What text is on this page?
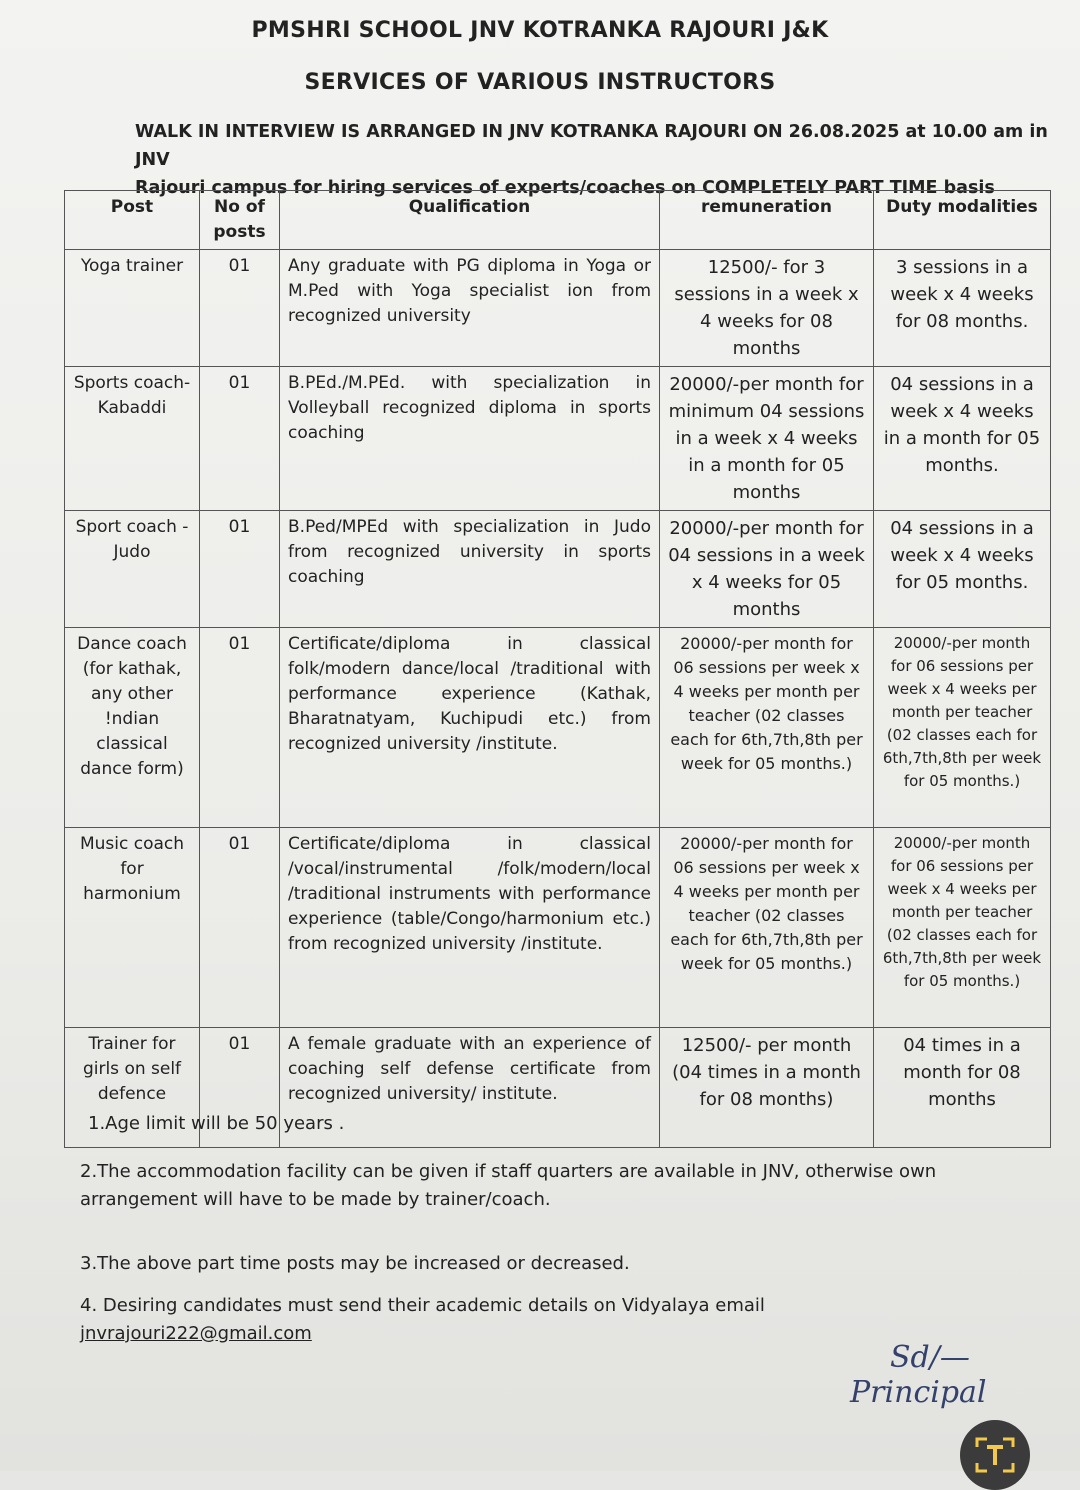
PMSHRI SCHOOL JNV KOTRANKA RAJOURI J&K
SERVICES OF VARIOUS INSTRUCTORS
WALK IN INTERVIEW IS ARRANGED IN JNV KOTRANKA RAJOURI ON 26.08.2025 at 10.00 am in JNV
Rajouri campus for hiring services of experts/coaches on COMPLETELY PART TIME basis
Post	No of posts	Qualification	remuneration	Duty modalities
Yoga trainer	01	Any graduate with PG diploma in Yoga or M.Ped with Yoga specialist ion from recognized university	12500/- for 3 sessions in a week x 4 weeks for 08 months	3 sessions in a week x 4 weeks for 08 months.
Sports coach- Kabaddi	01	B.PEd./M.PEd. with specialization in Volleyball recognized diploma in sports coaching	20000/-per month for minimum 04 sessions in a week x 4 weeks in a month for 05 months	04 sessions in a week x 4 weeks in a month for 05 months.
Sport coach - Judo	01	B.Ped/MPEd with specialization in Judo from recognized university in sports coaching	20000/-per month for 04 sessions in a week x 4 weeks for 05 months	04 sessions in a week x 4 weeks for 05 months.
Dance coach (for kathak, any other !ndian classical dance form)	01	Certificate/diploma in classical folk/modern dance/local /traditional with performance experience (Kathak, Bharatnatyam, Kuchipudi etc.) from recognized university /institute.	20000/-per month for 06 sessions per week x 4 weeks per month per teacher (02 classes each for 6th,7th,8th per week for 05 months.)	20000/-per month for 06 sessions per week x 4 weeks per month per teacher (02 classes each for 6th,7th,8th per week for 05 months.)
Music coach for harmonium	01	Certificate/diploma in classical /vocal/instrumental /folk/modern/local /traditional instruments with performance experience (table/Congo/harmonium etc.) from recognized university /institute.	20000/-per month for 06 sessions per week x 4 weeks per month per teacher (02 classes each for 6th,7th,8th per week for 05 months.)	20000/-per month for 06 sessions per week x 4 weeks per month per teacher (02 classes each for 6th,7th,8th per week for 05 months.)
Trainer for girls on self defence	01	A female graduate with an experience of coaching self defense certificate from recognized university/ institute.	12500/- per month (04 times in a month for 08 months)	04 times in a month for 08 months
1.Age limit will be 50 years .
2.The accommodation facility can be given if staff quarters are available in JNV, otherwise own arrangement will have to be made by trainer/coach.
3.The above part time posts may be increased or decreased.
4. Desiring candidates must send their academic details on Vidyalaya email
jnvrajouri222@gmail.com
Sd/—
Principal
